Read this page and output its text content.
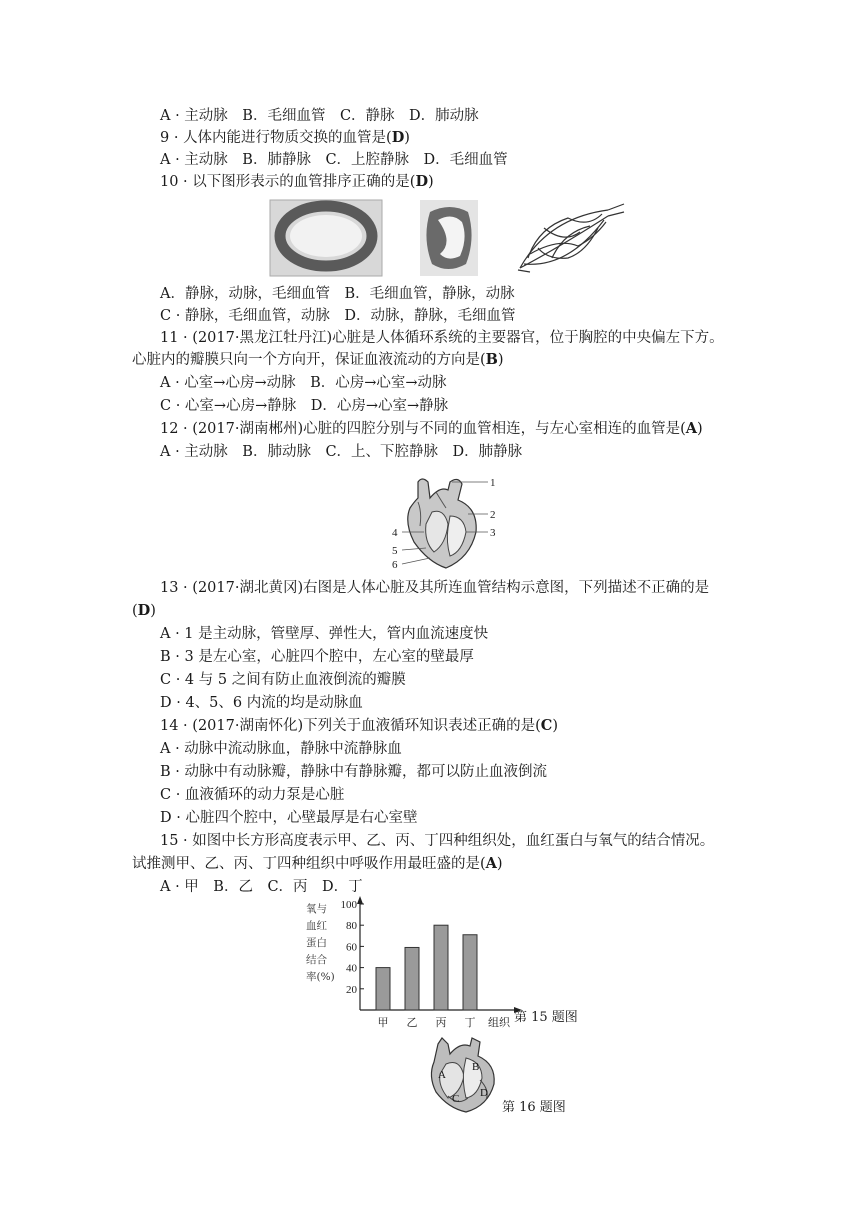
A · 主动脉　B．毛细血管　C．静脉　D．肺动脉
9 · 人体内能进行物质交换的血管是(D)
A · 主动脉　B．肺静脉　C．上腔静脉　D．毛细血管
10 · 以下图形表示的血管排序正确的是(D)
A．静脉，动脉，毛细血管　B．毛细血管，静脉，动脉
C · 静脉，毛细血管，动脉　D．动脉，静脉，毛细血管
11 · (2017·黑龙江牡丹江)心脏是人体循环系统的主要器官，位于胸腔的中央偏左下方。
心脏内的瓣膜只向一个方向开，保证血液流动的方向是(B)
A · 心室→心房→动脉　B．心房→心室→动脉
C · 心室→心房→静脉　D．心房→心室→静脉
12 · (2017·湖南郴州)心脏的四腔分别与不同的血管相连，与左心室相连的血管是(A)
A · 主动脉　B．肺动脉　C．上、下腔静脉　D．肺静脉
1
2
3
4
5
6
13 · (2017·湖北黄冈)右图是人体心脏及其所连血管结构示意图，下列描述不正确的是
(D)
A · 1 是主动脉，管壁厚、弹性大，管内血流速度快
B · 3 是左心室，心脏四个腔中，左心室的壁最厚
C · 4 与 5 之间有防止血液倒流的瓣膜
D · 4、5、6 内流的均是动脉血
14 · (2017·湖南怀化)下列关于血液循环知识表述正确的是(C)
A · 动脉中流动脉血，静脉中流静脉血
B · 动脉中有动脉瓣，静脉中有静脉瓣，都可以防止血液倒流
C · 血液循环的动力泵是心脏
D · 心脏四个腔中，心壁最厚是右心室壁
15 · 如图中长方形高度表示甲、乙、丙、丁四种组织处，血红蛋白与氧气的结合情况。
试推测甲、乙、丙、丁四种组织中呼吸作用最旺盛的是(A)
A · 甲　B．乙　C．丙　D．丁
氧与
血红
蛋白
结合
率(%)
20
40
60
80
100
甲 乙 丙 丁 组织 第 15 题图
A
B
C D
第 16 题图
